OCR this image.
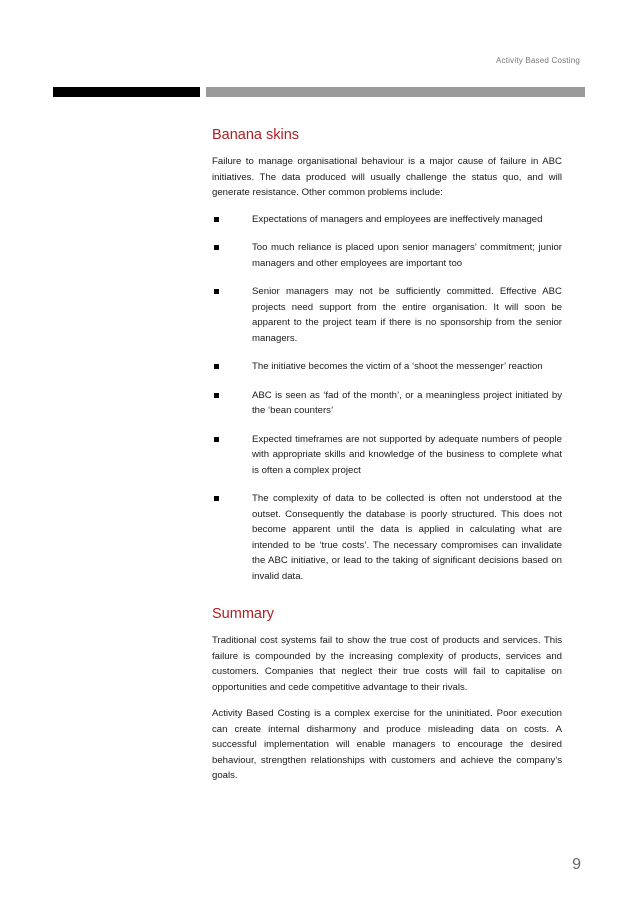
Activity Based Costing
Banana skins

Failure to manage organisational behaviour is a major cause of failure in ABC initiatives. The data produced will usually challenge the status quo, and will generate resistance. Other common problems include:

Expectations of managers and employees are ineffectively managed
Too much reliance is placed upon senior managers’ commitment; junior managers and other employees are important too
Senior managers may not be sufficiently committed. Effective ABC projects need support from the entire organisation. It will soon be apparent to the project team if there is no sponsorship from the senior managers.
The initiative becomes the victim of a ‘shoot the messenger’ reaction
ABC is seen as ‘fad of the month’, or a meaningless project initiated by the ‘bean counters’
Expected timeframes are not supported by adequate numbers of people with appropriate skills and knowledge of the business to complete what is often a complex project
The complexity of data to be collected is often not understood at the outset. Consequently the database is poorly structured. This does not become apparent until the data is applied in calculating what are intended to be ‘true costs’. The necessary compromises can invalidate the ABC initiative, or lead to the taking of significant decisions based on invalid data.
Summary

Traditional cost systems fail to show the true cost of products and services. This failure is compounded by the increasing complexity of products, services and customers. Companies that neglect their true costs will fail to capitalise on opportunities and cede competitive advantage to their rivals.

Activity Based Costing is a complex exercise for the uninitiated. Poor execution can create internal disharmony and produce misleading data on costs. A successful implementation will enable managers to encourage the desired behaviour, strengthen relationships with customers and achieve the company’s goals.

9
